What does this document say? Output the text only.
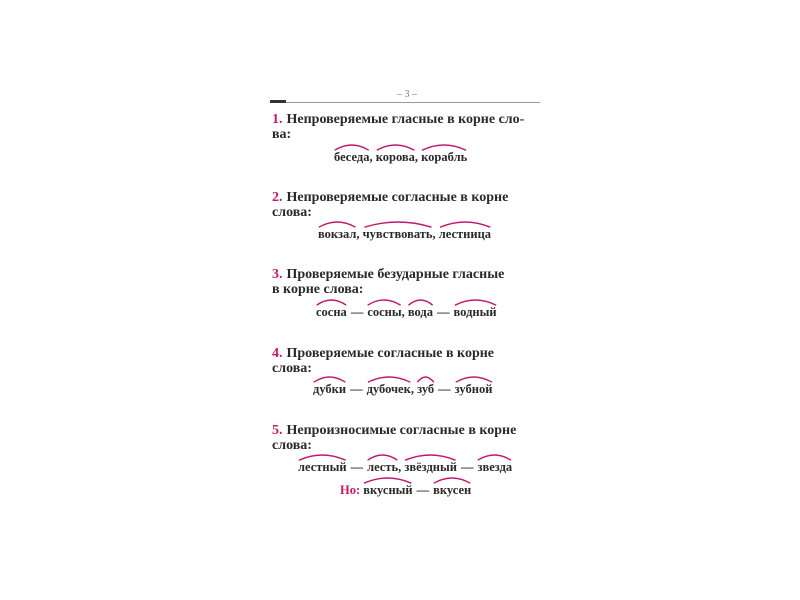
– 3 –

1. Непроверяемые гласные в корне сло-
ва:

беседа,
корова,
корабль

2. Непроверяемые согласные в корне
слова:

вокзал,
чувствовать,
лестница

3. Проверяемые безударные гласные
в корне слова:

сосна — сосны,
вода — водный

4. Проверяемые согласные в корне
слова:

дубки — дубочек,
зуб — зубной

5. Непроизносимые согласные в корне
слова:

лестный — лесть,
звёздный — звезда
Но: вкусный — вкусен
